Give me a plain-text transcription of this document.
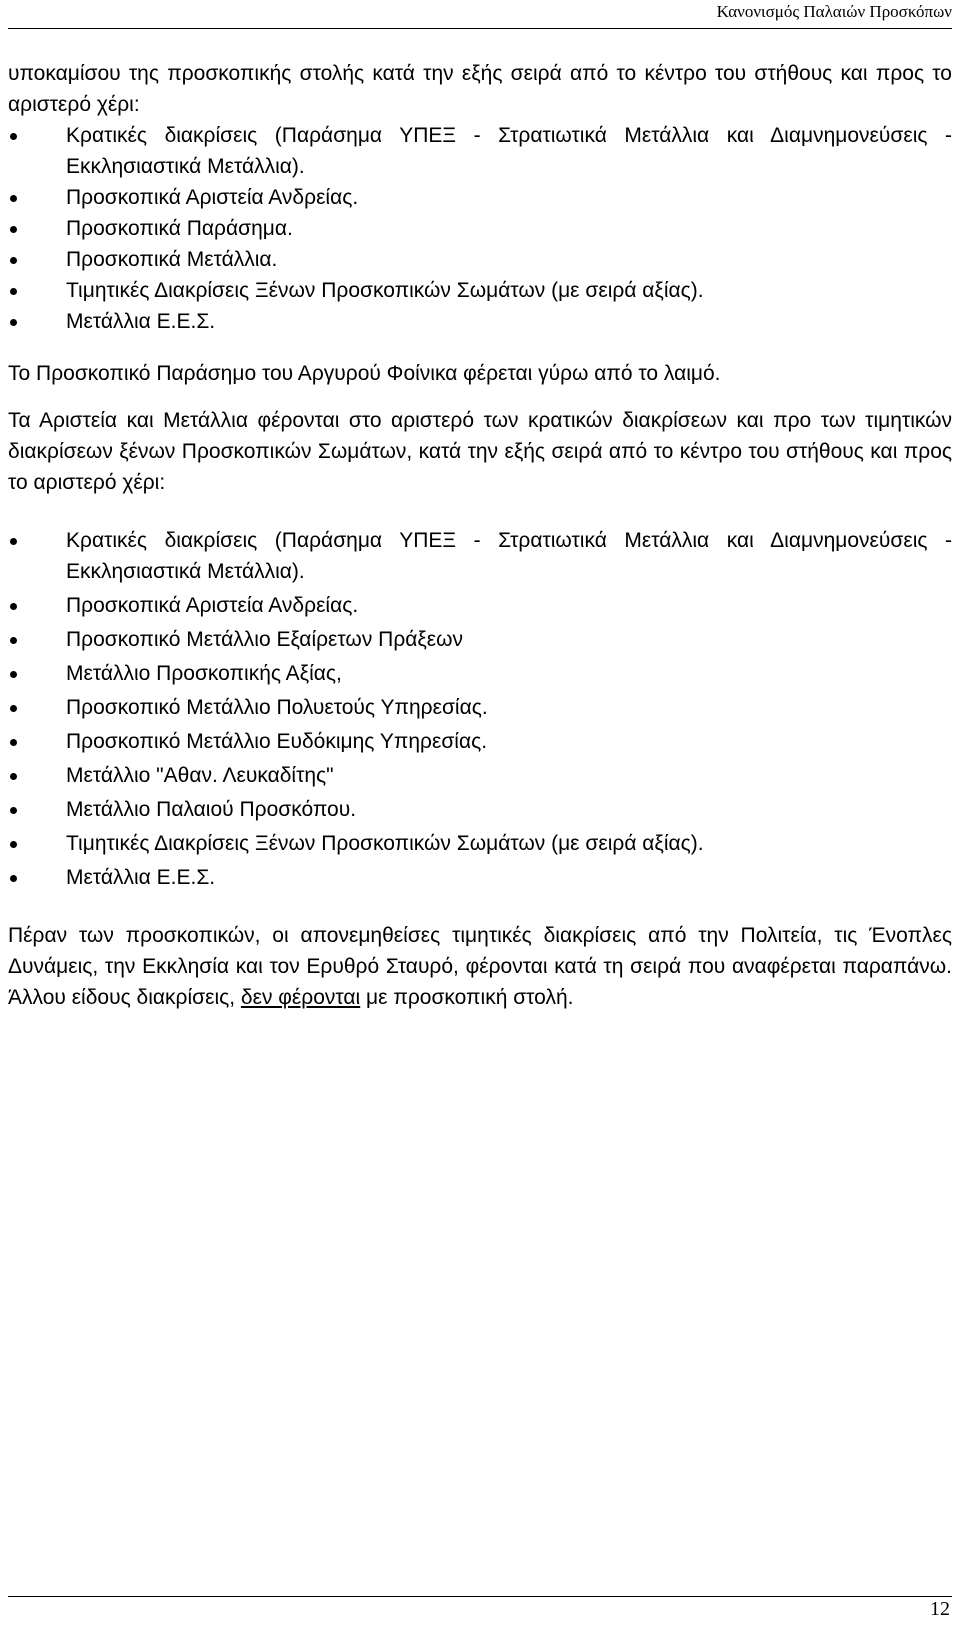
Κανονισμός Παλαιών Προσκόπων

υποκαμίσου της προσκοπικής στολής κατά την εξής σειρά από το κέντρο του στήθους και προς το αριστερό χέρι:

Κρατικές διακρίσεις (Παράσημα ΥΠΕΞ - Στρατιωτικά Μετάλλια και Διαμνημονεύσεις - Εκκλησιαστικά Μετάλλια).
Προσκοπικά Αριστεία Ανδρείας.
Προσκοπικά Παράσημα.
Προσκοπικά Μετάλλια.
Τιμητικές Διακρίσεις Ξένων Προσκοπικών Σωμάτων (με σειρά αξίας).
Μετάλλια Ε.Ε.Σ.

Το Προσκοπικό Παράσημο του Αργυρού Φοίνικα φέρεται γύρω από το λαιμό.

Τα Αριστεία και Μετάλλια φέρονται στο αριστερό των κρατικών διακρίσεων και προ των τιμητικών διακρίσεων ξένων Προσκοπικών Σωμάτων, κατά την εξής σειρά από το κέντρο του στήθους και προς το αριστερό χέρι:

Κρατικές διακρίσεις (Παράσημα ΥΠΕΞ - Στρατιωτικά Μετάλλια και Διαμνημονεύσεις - Εκκλησιαστικά Μετάλλια).
Προσκοπικά Αριστεία Ανδρείας.
Προσκοπικό Μετάλλιο Εξαίρετων Πράξεων
Μετάλλιο Προσκοπικής Αξίας,
Προσκοπικό Μετάλλιο Πολυετούς Υπηρεσίας.
Προσκοπικό Μετάλλιο Ευδόκιμης Υπηρεσίας.
Μετάλλιο "Αθαν. Λευκαδίτης"
Μετάλλιο Παλαιού Προσκόπου.
Τιμητικές Διακρίσεις Ξένων Προσκοπικών Σωμάτων (με σειρά αξίας).
Μετάλλια Ε.Ε.Σ.

Πέραν των προσκοπικών, οι απονεμηθείσες τιμητικές διακρίσεις από την Πολιτεία, τις Ένοπλες Δυνάμεις, την Εκκλησία και τον Ερυθρό Σταυρό, φέρονται κατά τη σειρά που αναφέρεται παραπάνω. Άλλου είδους διακρίσεις, δεν φέρονται με προσκοπική στολή.

12
